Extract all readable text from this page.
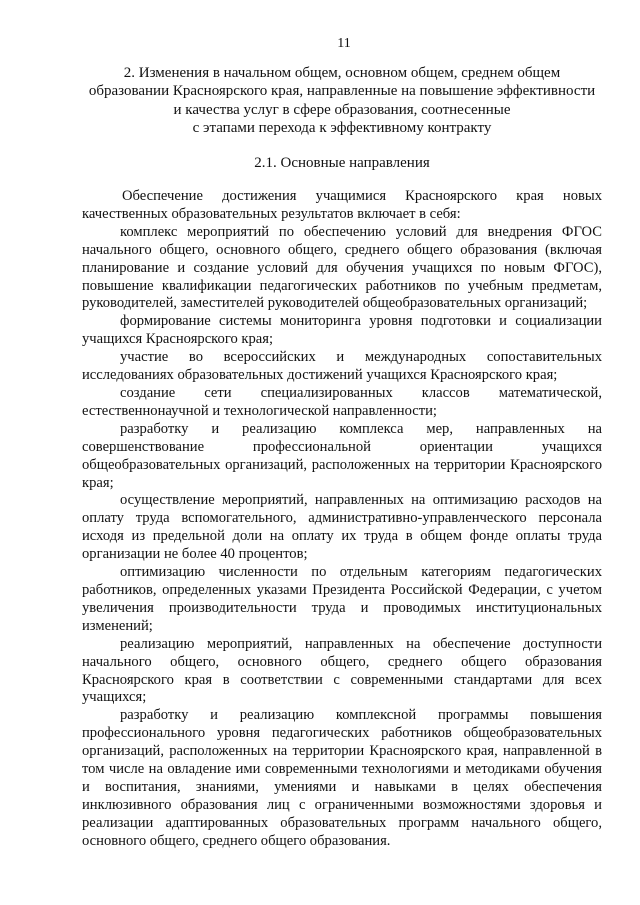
11
2. Изменения в начальном общем, основном общем, среднем общем
образовании Красноярского края, направленные на повышение эффективности
и качества услуг в сфере образования, соотнесенные
с этапами перехода к эффективному контракту
2.1. Основные направления

Обеспечение достижения учащимися Красноярского края новых качественных образовательных результатов включает в себя:

комплекс мероприятий по обеспечению условий для внедрения ФГОС начального общего, основного общего, среднего общего образования (включая планирование и создание условий для обучения учащихся по новым ФГОС), повышение квалификации педагогических работников по учебным предметам, руководителей, заместителей руководителей общеобразовательных организаций;

формирование системы мониторинга уровня подготовки и социализации учащихся Красноярского края;

участие во всероссийских и международных сопоставительных исследованиях образовательных достижений учащихся Красноярского края;

создание сети специализированных классов математической, естественнонаучной и технологической направленности;

разработку и реализацию комплекса мер, направленных на совершенствование профессиональной ориентации учащихся общеобразовательных организаций, расположенных на территории Красноярского края;

осуществление мероприятий, направленных на оптимизацию расходов на оплату труда вспомогательного, административно-управленческого персонала исходя из предельной доли на оплату их труда в общем фонде оплаты труда организации не более 40 процентов;

оптимизацию численности по отдельным категориям педагогических работников, определенных указами Президента Российской Федерации, с учетом увеличения производительности труда и проводимых институциональных изменений;

реализацию мероприятий, направленных на обеспечение доступности начального общего, основного общего, среднего общего образования Красноярского края в соответствии с современными стандартами для всех учащихся;

разработку и реализацию комплексной программы повышения профессионального уровня педагогических работников общеобразовательных организаций, расположенных на территории Красноярского края, направленной в том числе на овладение ими современными технологиями и методиками обучения и воспитания, знаниями, умениями и навыками в целях обеспечения инклюзивного образования лиц с ограниченными возможностями здоровья и реализации адаптированных образовательных программ начального общего, основного общего, среднего общего образования.
